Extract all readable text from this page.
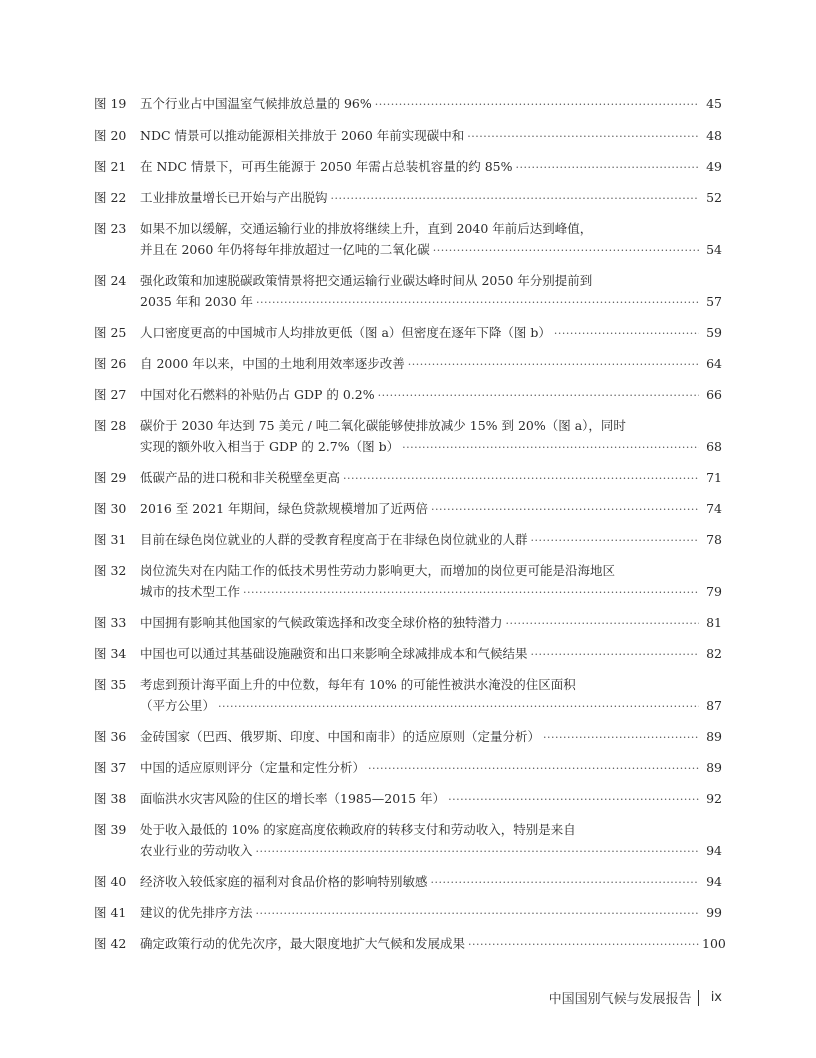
图 19	五个行业占中国温室气候排放总量的 96% ·····	45
图 20	NDC 情景可以推动能源相关排放于 2060 年前实现碳中和 ·····	48
图 21	在 NDC 情景下，可再生能源于 2050 年需占总装机容量的约 85% ·····	49
图 22	工业排放量增长已开始与产出脱钩 ·····	52
图 23	如果不加以缓解，交通运输行业的排放将继续上升，直到 2040 年前后达到峰值，
并且在 2060 年仍将每年排放超过一亿吨的二氧化碳 ·····	54
图 24	强化政策和加速脱碳政策情景将把交通运输行业碳达峰时间从 2050 年分别提前到
2035 年和 2030 年 ·····	57
图 25	人口密度更高的中国城市人均排放更低（图 a）但密度在逐年下降（图 b） ·····	59
图 26	自 2000 年以来，中国的土地利用效率逐步改善 ·····	64
图 27	中国对化石燃料的补贴仍占 GDP 的 0.2% ·····	66
图 28	碳价于 2030 年达到 75 美元 / 吨二氧化碳能够使排放减少 15% 到 20%（图 a），同时
实现的额外收入相当于 GDP 的 2.7%（图 b） ·····	68
图 29	低碳产品的进口税和非关税壁垒更高 ·····	71
图 30	2016 至 2021 年期间，绿色贷款规模增加了近两倍 ·····	74
图 31	目前在绿色岗位就业的人群的受教育程度高于在非绿色岗位就业的人群 ·····	78
图 32	岗位流失对在内陆工作的低技术男性劳动力影响更大，而增加的岗位更可能是沿海地区
城市的技术型工作 ·····	79
图 33	中国拥有影响其他国家的气候政策选择和改变全球价格的独特潜力 ·····	81
图 34	中国也可以通过其基础设施融资和出口来影响全球减排成本和气候结果 ·····	82
图 35	考虑到预计海平面上升的中位数，每年有 10% 的可能性被洪水淹没的住区面积
（平方公里） ·····	87
图 36	金砖国家（巴西、俄罗斯、印度、中国和南非）的适应原则（定量分析） ·····	89
图 37	中国的适应原则评分（定量和定性分析） ·····	89
图 38	面临洪水灾害风险的住区的增长率（1985—2015 年） ·····	92
图 39	处于收入最低的 10% 的家庭高度依赖政府的转移支付和劳动收入，特别是来自
农业行业的劳动收入 ·····	94
图 40	经济收入较低家庭的福利对食品价格的影响特别敏感 ·····	94
图 41	建议的优先排序方法 ·····	99
图 42	确定政策行动的优先次序，最大限度地扩大气候和发展成果 ·····	100
中国国别气候与发展报告 ix
